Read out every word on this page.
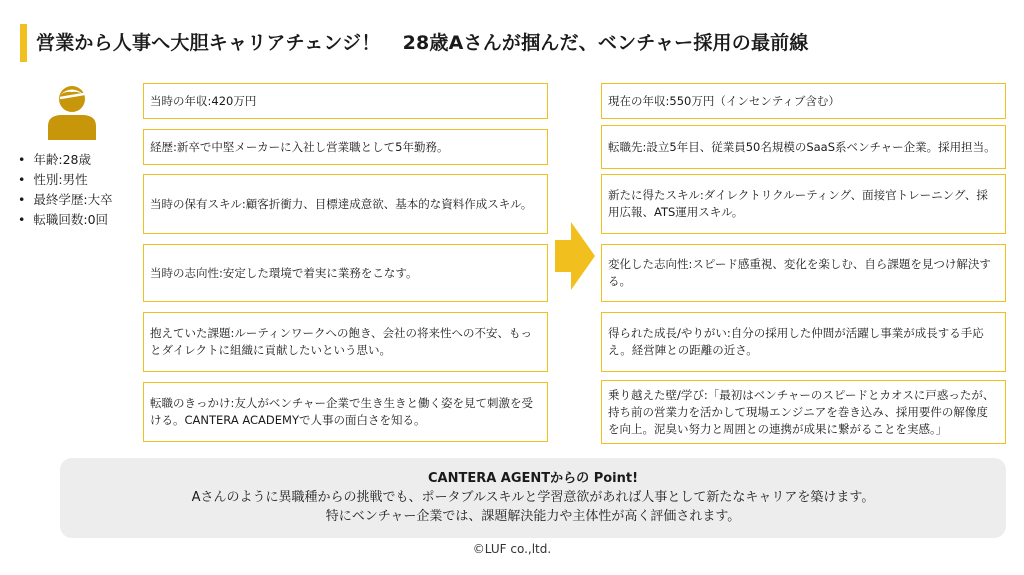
営業から人事へ大胆キャリアチェンジ！ 28歳Aさんが掴んだ、ベンチャー採用の最前線
• 年齢:28歳
• 性別:男性
• 最終学歴:大卒
• 転職回数:0回
当時の年収:420万円
経歴:新卒で中堅メーカーに入社し営業職として5年勤務。
当時の保有スキル:顧客折衝力、目標達成意欲、基本的な資料作成スキル。
当時の志向性:安定した環境で着実に業務をこなす。
抱えていた課題:ルーティンワークへの飽き、会社の将来性への不安、もっとダイレクトに組織に貢献したいという思い。
転職のきっかけ:友人がベンチャー企業で生き生きと働く姿を見て刺激を受ける。CANTERA ACADEMYで人事の面白さを知る。
現在の年収:550万円（インセンティブ含む）
転職先:設立5年目、従業員50名規模のSaaS系ベンチャー企業。採用担当。
新たに得たスキル:ダイレクトリクルーティング、面接官トレーニング、採用広報、ATS運用スキル。
変化した志向性:スピード感重視、変化を楽しむ、自ら課題を見つけ解決する。
得られた成長/やりがい:自分の採用した仲間が活躍し事業が成長する手応え。経営陣との距離の近さ。
乗り越えた壁/学び:「最初はベンチャーのスピードとカオスに戸惑ったが、持ち前の営業力を活かして現場エンジニアを巻き込み、採用要件の解像度を向上。泥臭い努力と周囲との連携が成果に繋がることを実感。」
CANTERA AGENTからの Point!
Aさんのように異職種からの挑戦でも、ポータブルスキルと学習意欲があれば人事として新たなキャリアを築けます。
特にベンチャー企業では、課題解決能力や主体性が高く評価されます。
©LUF co.,ltd.
